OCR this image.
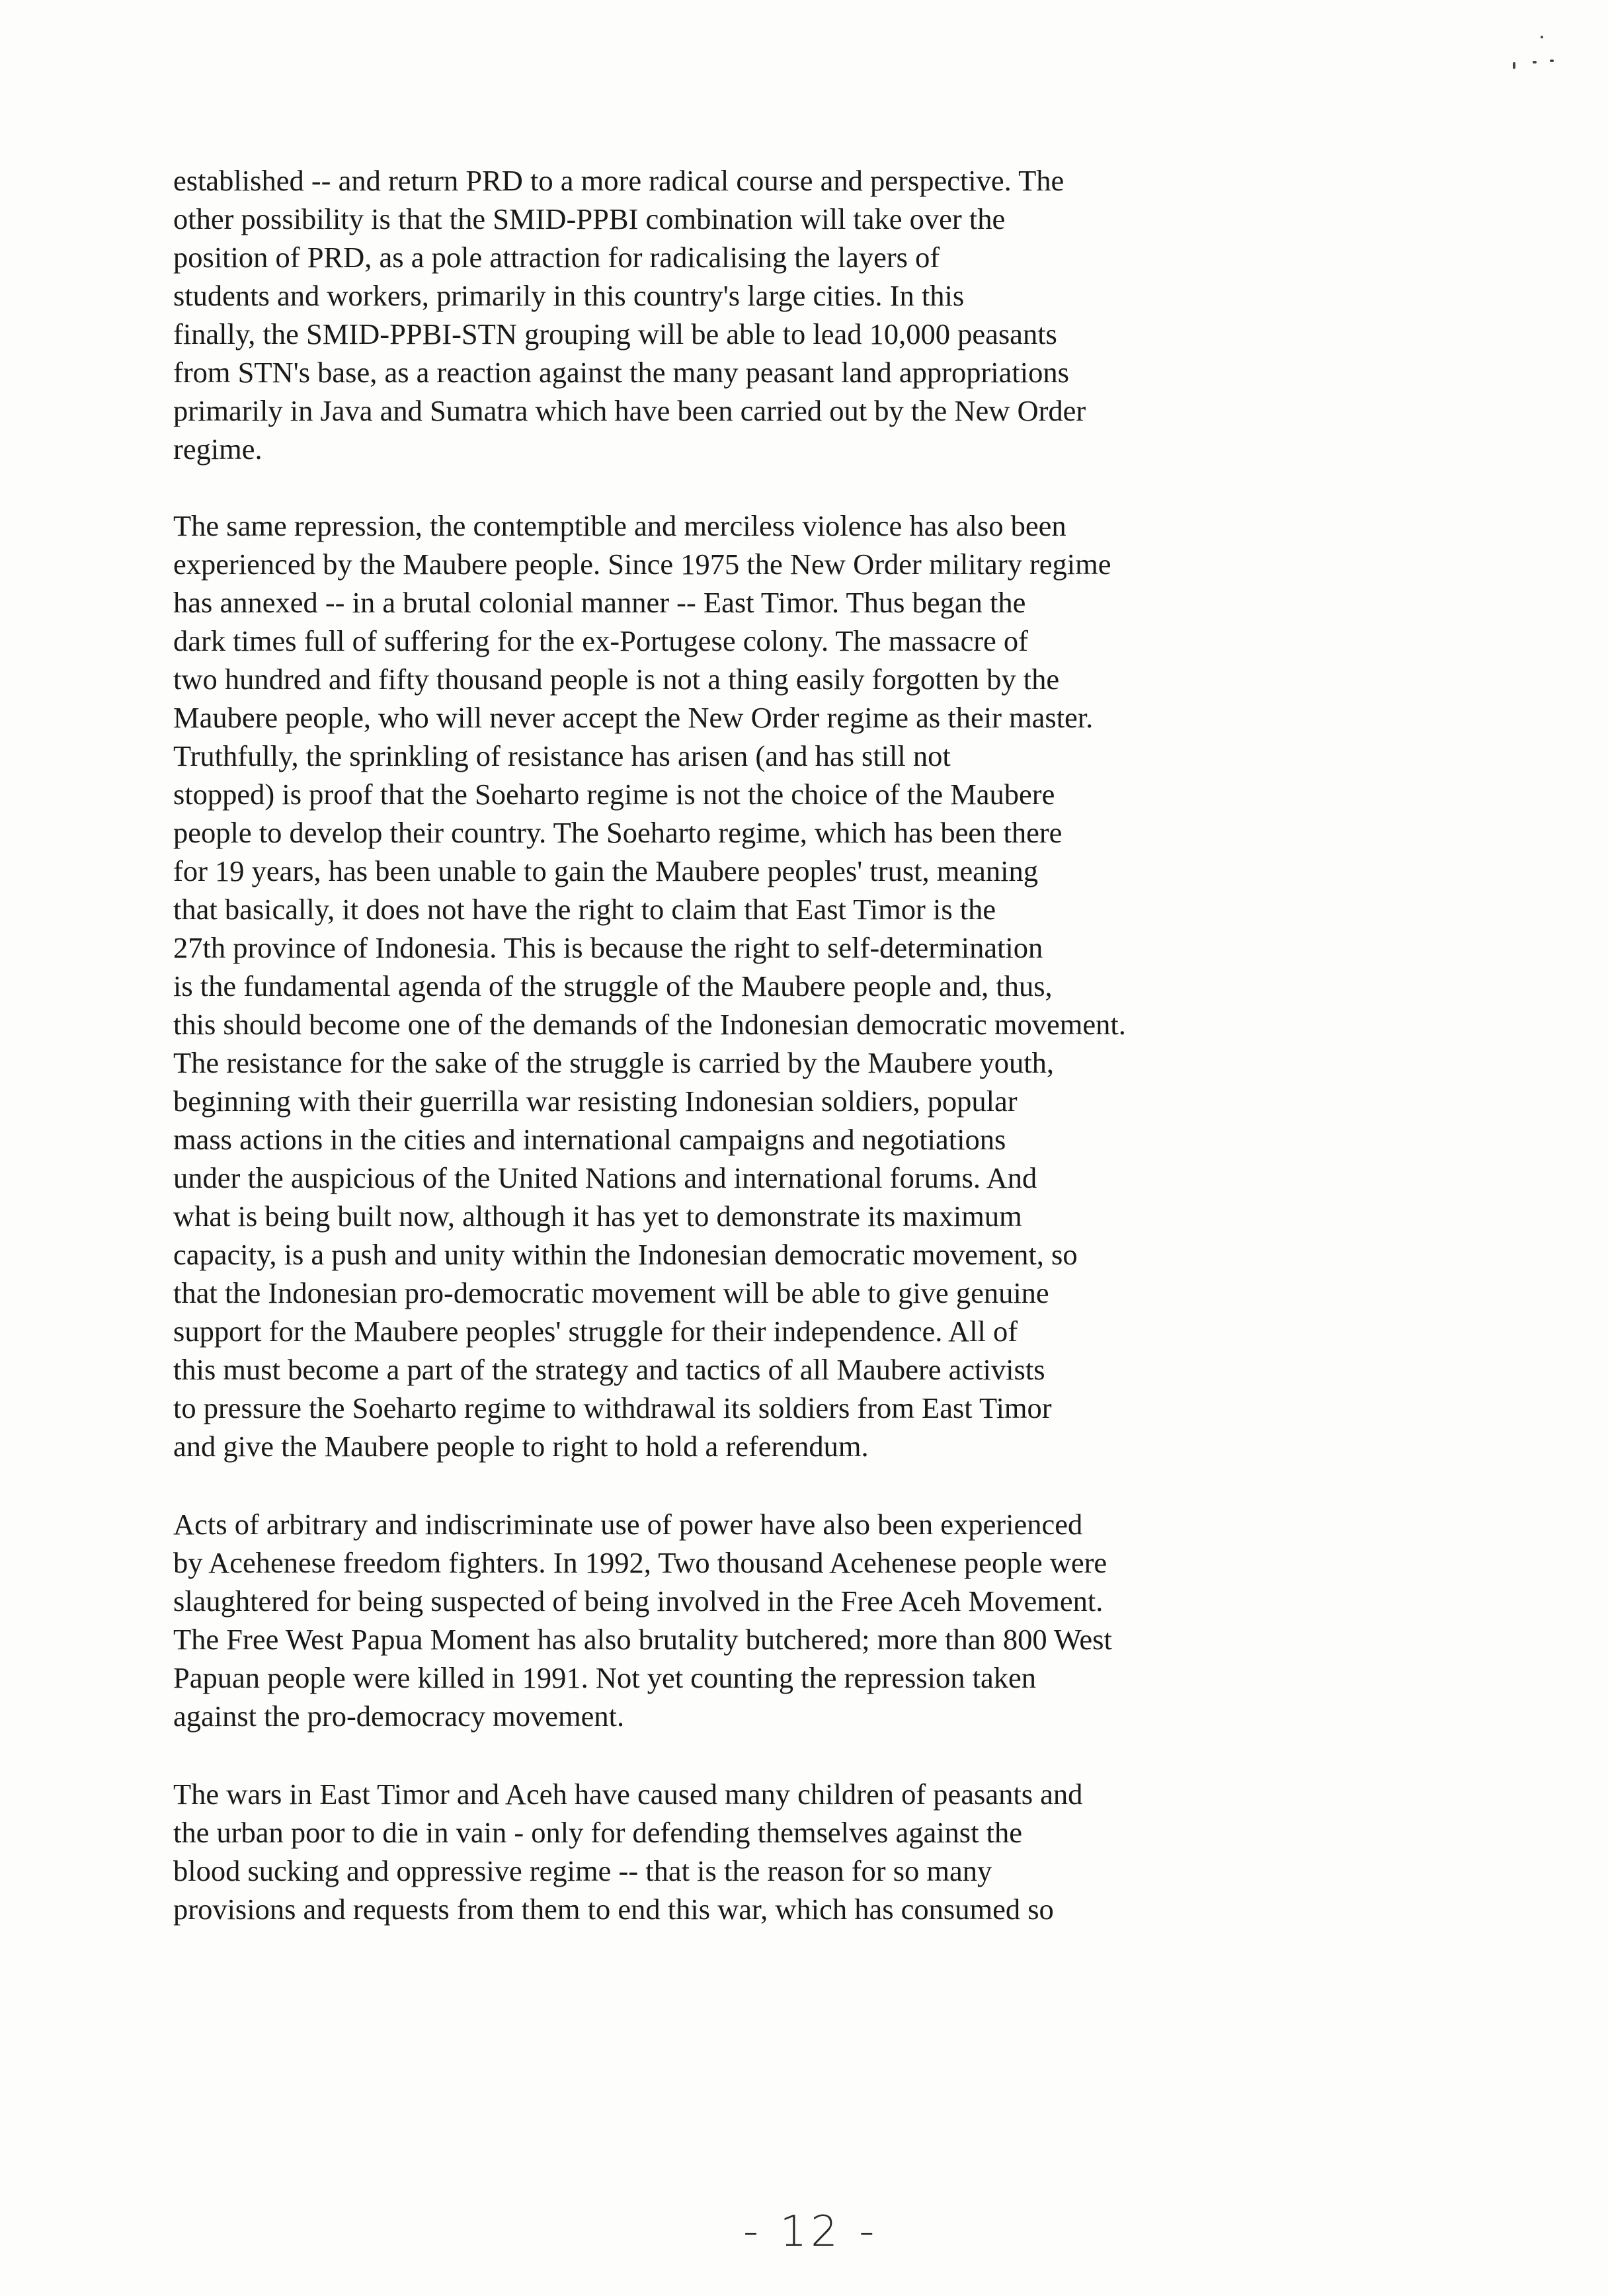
established -- and return PRD to a more radical course and perspective. The
other possibility is that the SMID-PPBI combination will take over the
position of PRD, as a pole attraction for radicalising the layers of
students and workers, primarily in this country's large cities. In this
finally, the SMID-PPBI-STN grouping will be able to lead 10,000 peasants
from STN's base, as a reaction against the many peasant land appropriations
primarily in Java and Sumatra which have been carried out by the New Order
regime.
The same repression, the contemptible and merciless violence has also been
experienced by the Maubere people. Since 1975 the New Order military regime
has annexed -- in a brutal colonial manner -- East Timor. Thus began the
dark times full of suffering for the ex-Portugese colony. The massacre of
two hundred and fifty thousand people is not a thing easily forgotten by the
Maubere people, who will never accept the New Order regime as their master.
Truthfully, the sprinkling of resistance has arisen (and has still not
stopped) is proof that the Soeharto regime is not the choice of the Maubere
people to develop their country. The Soeharto regime, which has been there
for 19 years, has been unable to gain the Maubere peoples' trust, meaning
that basically, it does not have the right to claim that East Timor is the
27th province of Indonesia. This is because the right to self-determination
is the fundamental agenda of the struggle of the Maubere people and, thus,
this should become one of the demands of the Indonesian democratic movement.
The resistance for the sake of the struggle is carried by the Maubere youth,
beginning with their guerrilla war resisting Indonesian soldiers, popular
mass actions in the cities and international campaigns and negotiations
under the auspicious of the United Nations and international forums. And
what is being built now, although it has yet to demonstrate its maximum
capacity, is a push and unity within the Indonesian democratic movement, so
that the Indonesian pro-democratic movement will be able to give genuine
support for the Maubere peoples' struggle for their independence. All of
this must become a part of the strategy and tactics of all Maubere activists
to pressure the Soeharto regime to withdrawal its soldiers from East Timor
and give the Maubere people to right to hold a referendum.
Acts of arbitrary and indiscriminate use of power have also been experienced
by Acehenese freedom fighters. In 1992, Two thousand Acehenese people were
slaughtered for being suspected of being involved in the Free Aceh Movement.
The Free West Papua Moment has also brutality butchered; more than 800 West
Papuan people were killed in 1991. Not yet counting the repression taken
against the pro-democracy movement.
The wars in East Timor and Aceh have caused many children of peasants and
the urban poor to die in vain - only for defending themselves against the
blood sucking and oppressive regime -- that is the reason for so many
provisions and requests from them to end this war, which has consumed so
- 12 -
